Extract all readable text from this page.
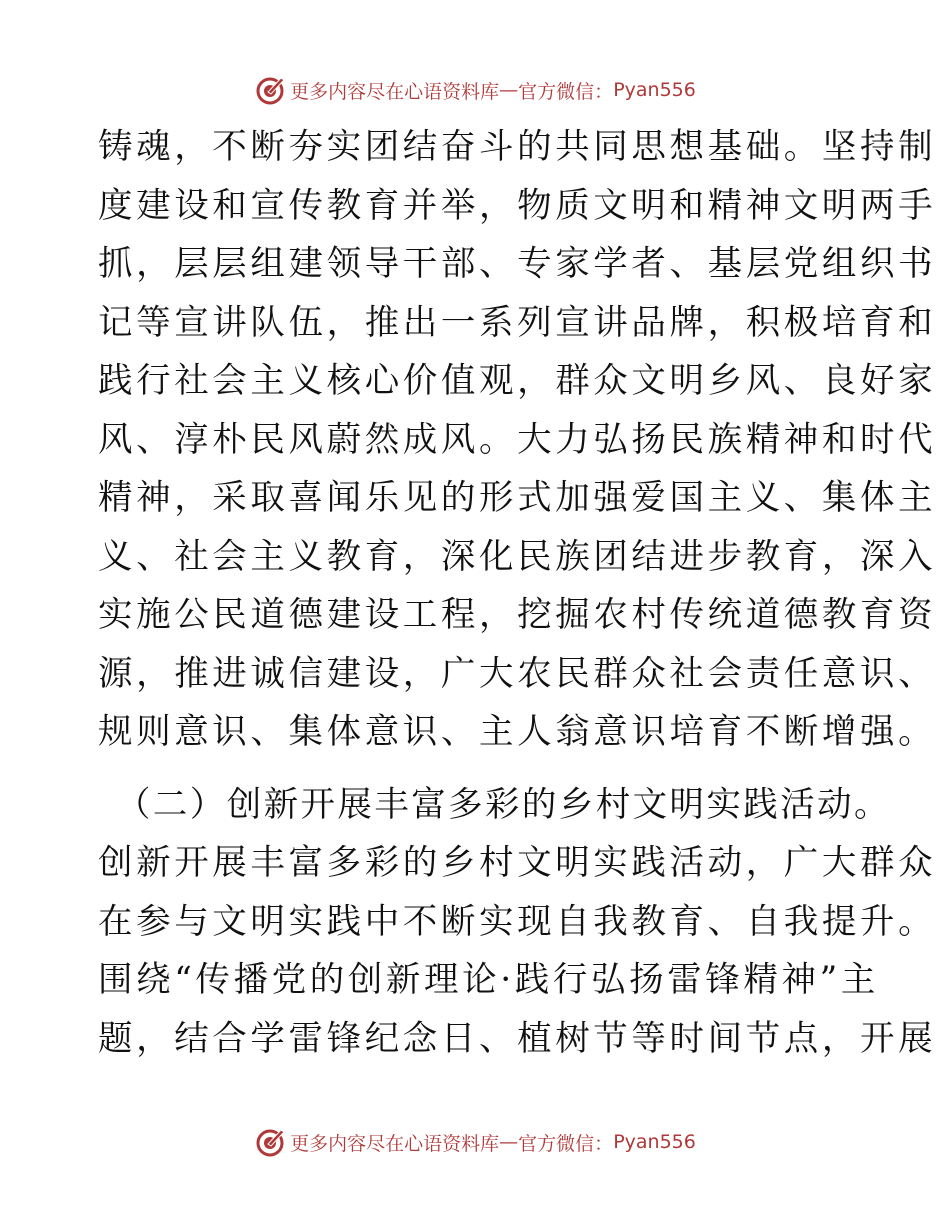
更多内容尽在心语资料库 — 官方微信： Pyan556
铸魂，不断夯实团结奋斗的共同思想基础。坚持制
度建设和宣传教育并举，物质文明和精神文明两手
抓，层层组建领导干部、专家学者、基层党组织书
记等宣讲队伍，推出一系列宣讲品牌，积极培育和
践行社会主义核心价值观，群众文明乡风、良好家
风、淳朴民风蔚然成风。大力弘扬民族精神和时代
精神，采取喜闻乐见的形式加强爱国主义、集体主
义、社会主义教育，深化民族团结进步教育，深入
实施公民道德建设工程，挖掘农村传统道德教育资
源，推进诚信建设，广大农民群众社会责任意识、
规则意识、集体意识、主人翁意识培育不断增强。
（二）创新开展丰富多彩的乡村文明实践活动。
创新开展丰富多彩的乡村文明实践活动，广大群众
在参与文明实践中不断实现自我教育、自我提升。
围绕“传播党的创新理论·践行弘扬雷锋精神”主
题，结合学雷锋纪念日、植树节等时间节点，开展
更多内容尽在心语资料库 — 官方微信： Pyan556
